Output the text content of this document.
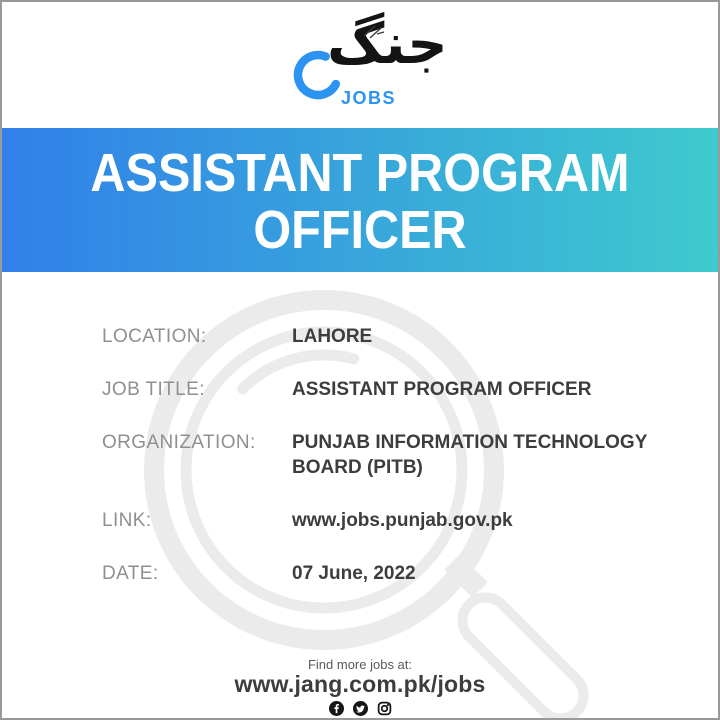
جنگ
JOBS
ASSISTANT PROGRAM OFFICER
LOCATION:	LAHORE
JOB TITLE:	ASSISTANT PROGRAM OFFICER
ORGANIZATION:	PUNJAB INFORMATION TECHNOLOGY BOARD (PITB)
LINK:	www.jobs.punjab.gov.pk
DATE:	07 June, 2022
Find more jobs at:
www.jang.com.pk/jobs
